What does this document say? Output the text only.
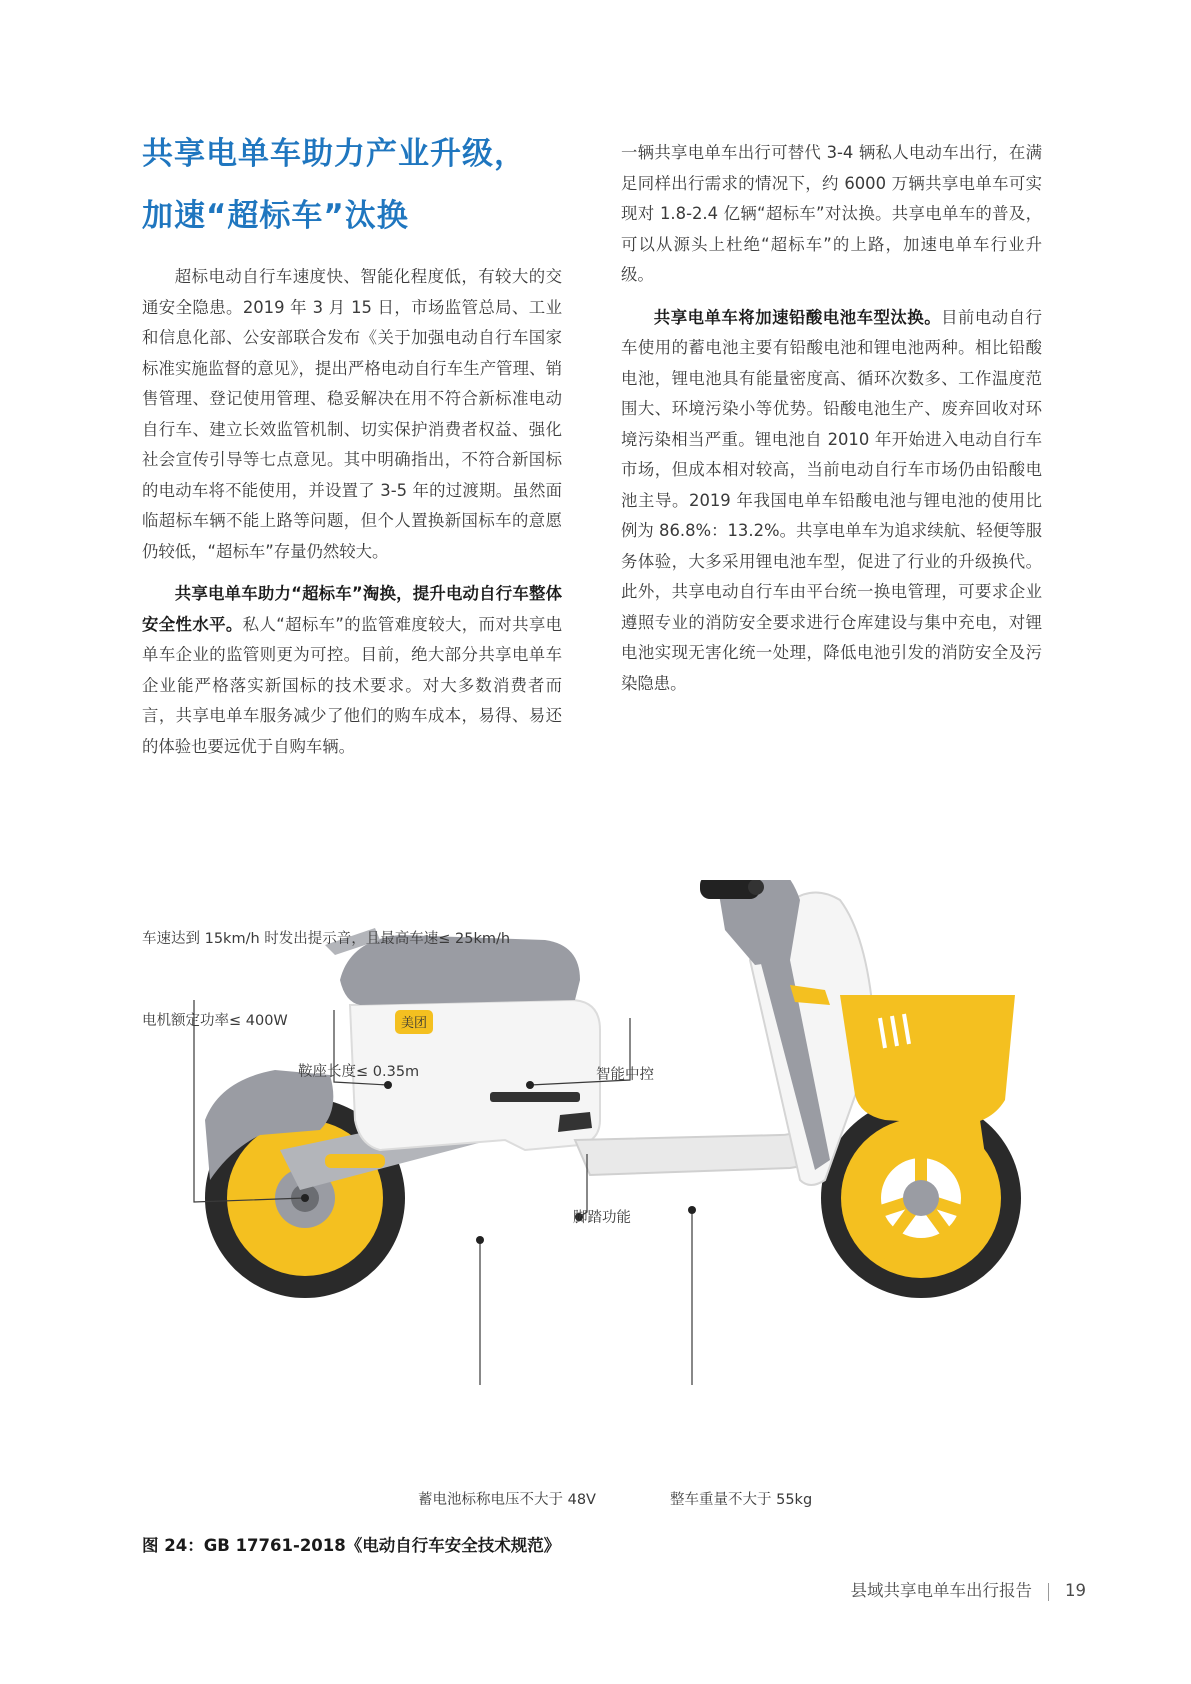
共享电单车助力产业升级，
加速“超标车”汰换

超标电动自行车速度快、智能化程度低，有较大的交通安全隐患。2019 年 3 月 15 日，市场监管总局、工业和信息化部、公安部联合发布《关于加强电动自行车国家标准实施监督的意见》，提出严格电动自行车生产管理、销售管理、登记使用管理、稳妥解决在用不符合新标准电动自行车、建立长效监管机制、切实保护消费者权益、强化社会宣传引导等七点意见。其中明确指出，不符合新国标的电动车将不能使用，并设置了 3-5 年的过渡期。虽然面临超标车辆不能上路等问题，但个人置换新国标车的意愿仍较低，“超标车”存量仍然较大。

共享电单车助力“超标车”淘换，提升电动自行车整体安全性水平。私人“超标车”的监管难度较大，而对共享电单车企业的监管则更为可控。目前，绝大部分共享电单车企业能严格落实新国标的技术要求。对大多数消费者而言，共享电单车服务减少了他们的购车成本，易得、易还的体验也要远优于自购车辆。

一辆共享电单车出行可替代 3-4 辆私人电动车出行，在满足同样出行需求的情况下，约 6000 万辆共享电单车可实现对 1.8-2.4 亿辆“超标车”对汰换。共享电单车的普及，可以从源头上杜绝“超标车”的上路，加速电单车行业升级。

共享电单车将加速铅酸电池车型汰换。目前电动自行车使用的蓄电池主要有铅酸电池和锂电池两种。相比铅酸电池，锂电池具有能量密度高、循环次数多、工作温度范围大、环境污染小等优势。铅酸电池生产、废弃回收对环境污染相当严重。锂电池自 2010 年开始进入电动自行车市场，但成本相对较高，当前电动自行车市场仍由铅酸电池主导。2019 年我国电单车铅酸电池与锂电池的使用比例为 86.8%：13.2%。共享电单车为追求续航、轻便等服务体验，大多采用锂电池车型，促进了行业的升级换代。此外，共享电动自行车由平台统一换电管理，可要求企业遵照专业的消防安全要求进行仓库建设与集中充电，对锂电池实现无害化统一处理，降低电池引发的消防安全及污染隐患。

美团
车速达到 15km/h 时发出提示音，且最高车速≤ 25km/h
电机额定功率≤ 400W
鞍座长度≤ 0.35m	智能中控
脚踏功能
蓄电池标称电压不大于 48V	整车重量不大于 55kg
图 24：GB 17761-2018《电动自行车安全技术规范》
县域共享电单车出行报告 19
